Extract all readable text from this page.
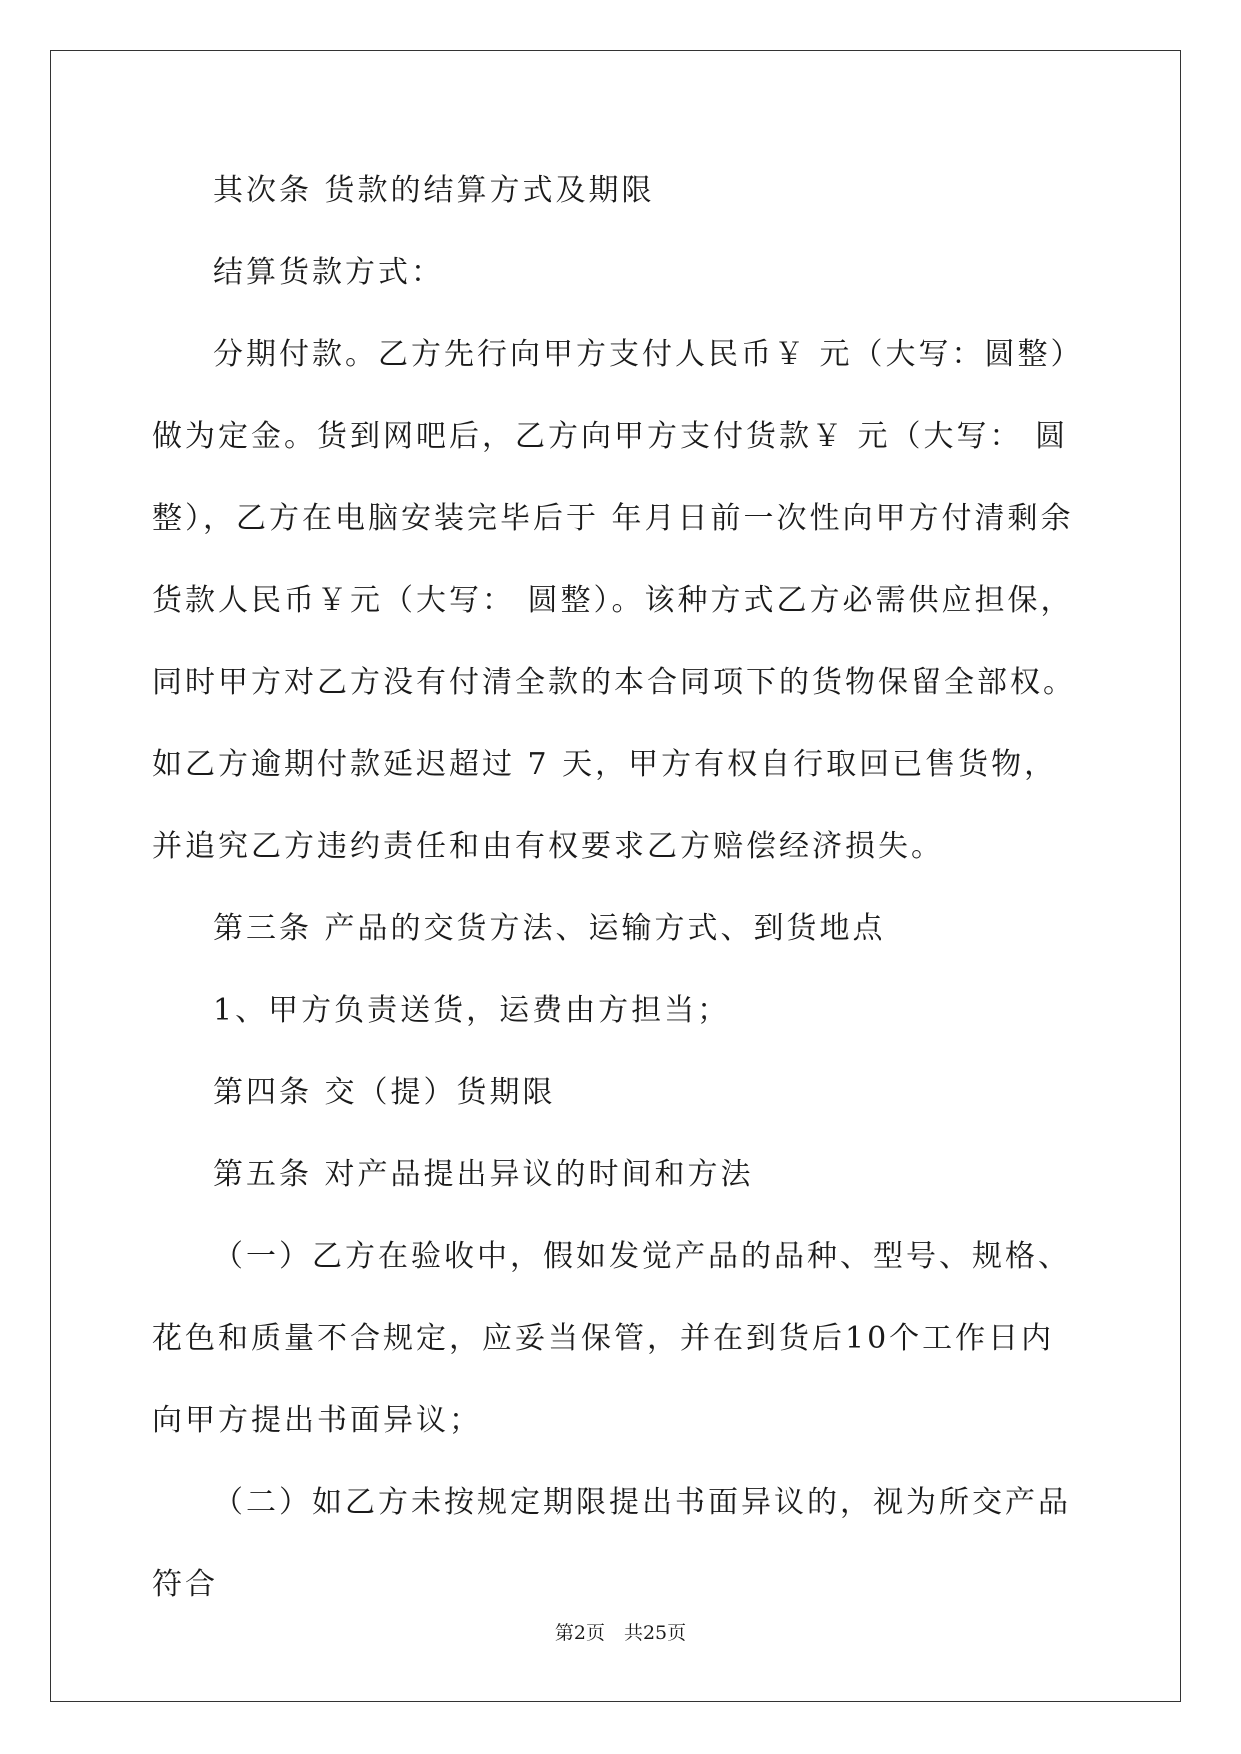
其次条 货款的结算方式及期限

结算货款方式：

分期付款。乙方先行向甲方支付人民币￥ 元（大写：圆整）做为定金。货到网吧后，乙方向甲方支付货款￥ 元（大写： 圆整），乙方在电脑安装完毕后于 年月日前一次性向甲方付清剩余货款人民币￥元（大写： 圆整）。该种方式乙方必需供应担保，同时甲方对乙方没有付清全款的本合同项下的货物保留全部权。如乙方逾期付款延迟超过 7 天，甲方有权自行取回已售货物，并追究乙方违约责任和由有权要求乙方赔偿经济损失。

第三条 产品的交货方法、运输方式、到货地点

1、甲方负责送货，运费由方担当；

第四条 交（提）货期限

第五条 对产品提出异议的时间和方法

（一）乙方在验收中，假如发觉产品的品种、型号、规格、花色和质量不合规定，应妥当保管，并在到货后10个工作日内向甲方提出书面异议；

（二）如乙方未按规定期限提出书面异议的，视为所交产品符合

第2页　共25页
